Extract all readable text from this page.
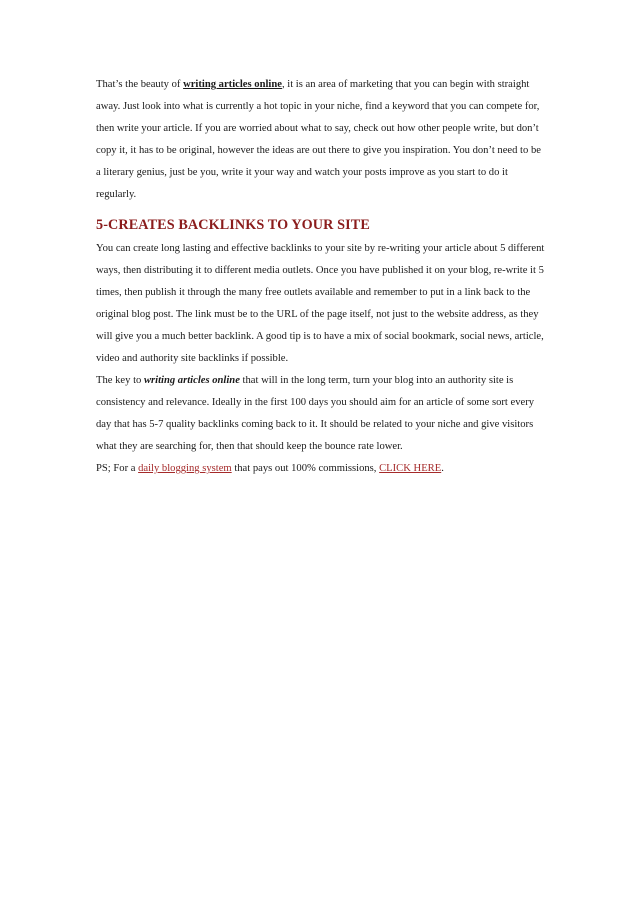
That’s the beauty of writing articles online, it is an area of marketing that you can begin with straight away. Just look into what is currently a hot topic in your niche, find a keyword that you can compete for, then write your article. If you are worried about what to say, check out how other people write, but don’t copy it, it has to be original, however the ideas are out there to give you inspiration. You don’t need to be a literary genius, just be you, write it your way and watch your posts improve as you start to do it regularly.

5-CREATES BACKLINKS TO YOUR SITE

You can create long lasting and effective backlinks to your site by re-writing your article about 5 different ways, then distributing it to different media outlets. Once you have published it on your blog, re-write it 5 times, then publish it through the many free outlets available and remember to put in a link back to the original blog post. The link must be to the URL of the page itself, not just to the website address, as they will give you a much better backlink. A good tip is to have a mix of social bookmark, social news, article, video and authority site backlinks if possible.

The key to writing articles online that will in the long term, turn your blog into an authority site is consistency and relevance. Ideally in the first 100 days you should aim for an article of some sort every day that has 5-7 quality backlinks coming back to it. It should be related to your niche and give visitors what they are searching for, then that should keep the bounce rate lower.

PS; For a daily blogging system that pays out 100% commissions, CLICK HERE.
